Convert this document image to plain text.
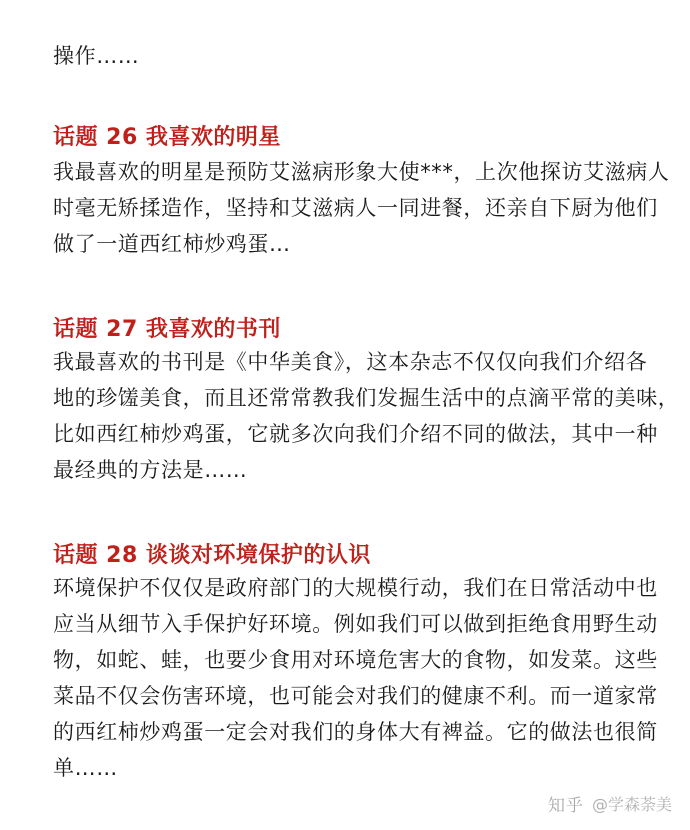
操作……
话题 26 我喜欢的明星
我最喜欢的明星是预防艾滋病形象大使***，上次他探访艾滋病人
时毫无矫揉造作，坚持和艾滋病人一同进餐，还亲自下厨为他们
做了一道西红柿炒鸡蛋…
话题 27 我喜欢的书刊
我最喜欢的书刊是《中华美食》，这本杂志不仅仅向我们介绍各
地的珍馐美食，而且还常常教我们发掘生活中的点滴平常的美味，
比如西红柿炒鸡蛋，它就多次向我们介绍不同的做法，其中一种
最经典的方法是……
话题 28 谈谈对环境保护的认识
环境保护不仅仅是政府部门的大规模行动，我们在日常活动中也
应当从细节入手保护好环境。例如我们可以做到拒绝食用野生动
物，如蛇、蛙，也要少食用对环境危害大的食物，如发菜。这些
菜品不仅会伤害环境，也可能会对我们的健康不利。而一道家常
的西红柿炒鸡蛋一定会对我们的身体大有裨益。它的做法也很简
单……
知乎 @学森荼美
